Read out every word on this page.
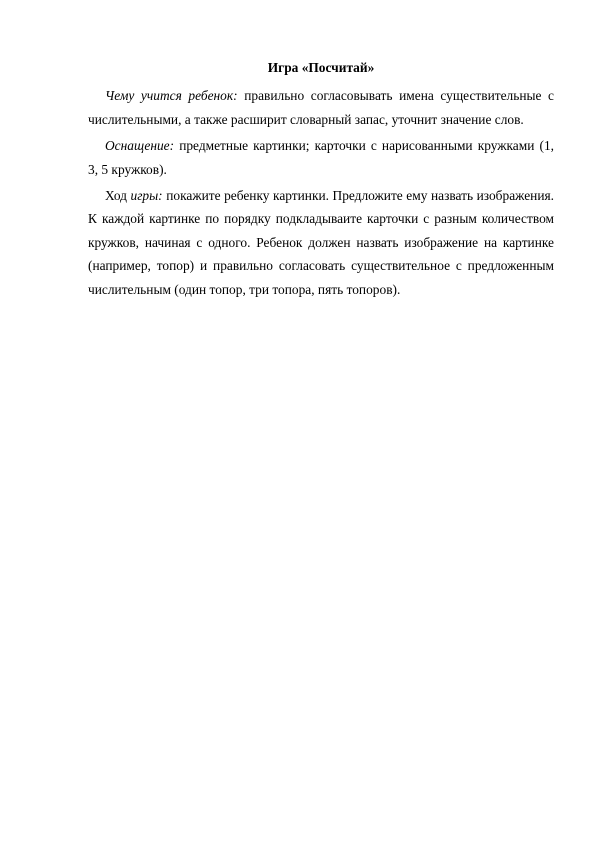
Игра «Посчитай»

Чему учится ребенок: правильно согласовывать имена существительные с числительными, а также расширит словарный запас, уточнит значение слов.

Оснащение: предметные картинки; карточки с нарисованными кружками (1, 3, 5 кружков).

Ход игры: покажите ребенку картинки. Предложите ему назвать изображения. К каждой картинке по порядку подкладываите карточки с разным количеством кружков, начиная с одного. Ребенок должен назвать изображение на картинке (например, топор) и правильно согласовать существительное с предложенным числительным (один топор, три топора, пять топоров).
